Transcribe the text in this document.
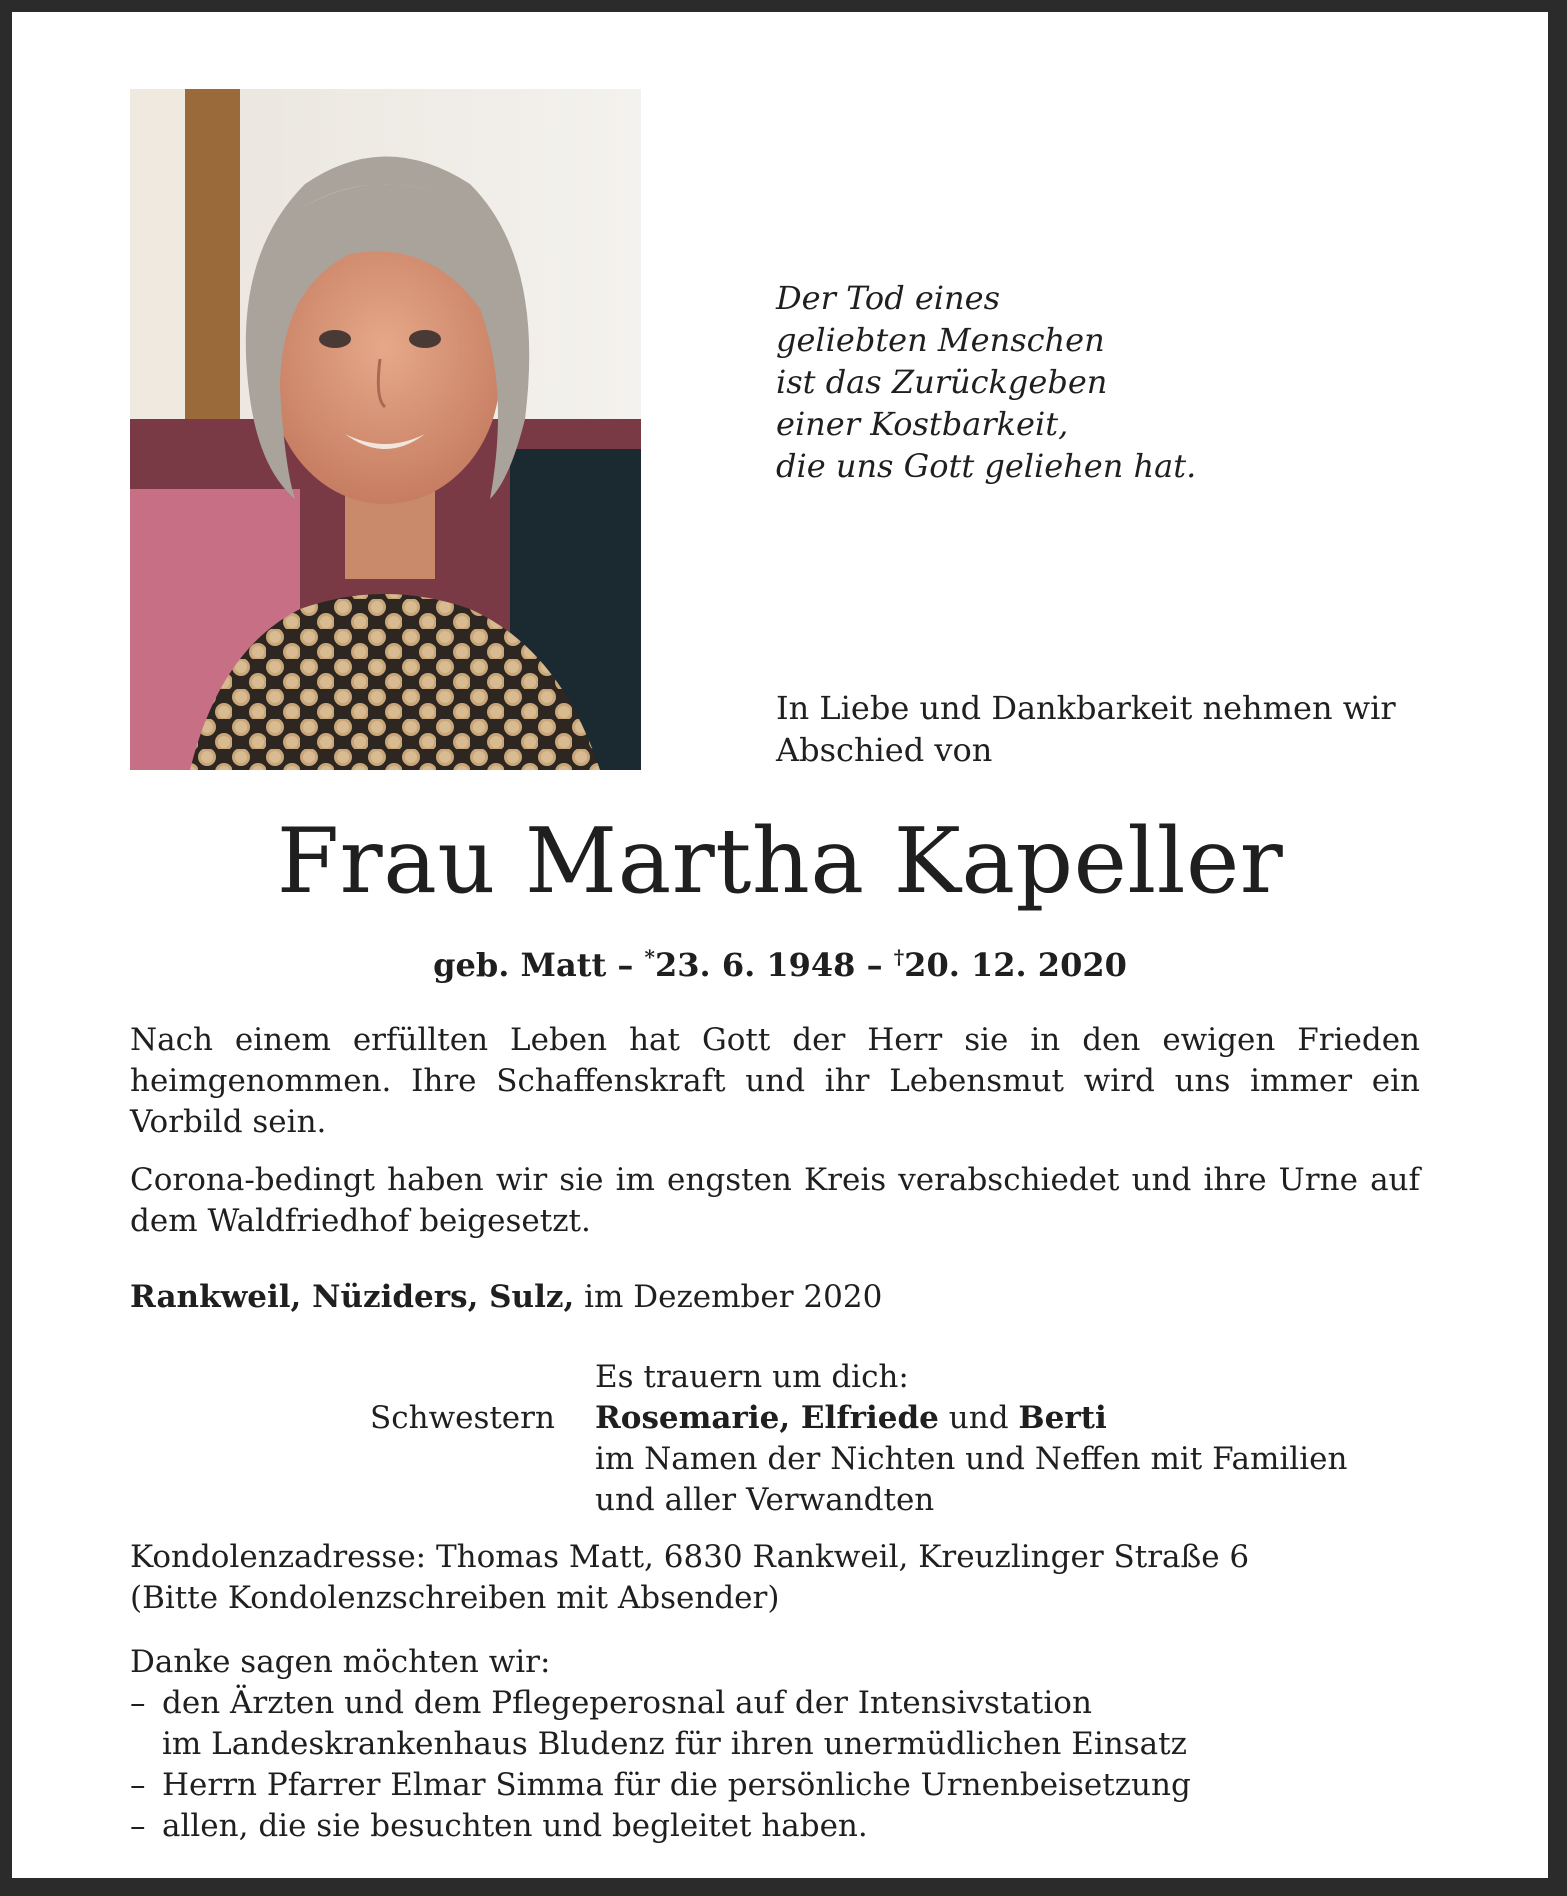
Der Tod eines
geliebten Menschen
ist das Zurückgeben
einer Kostbarkeit,
die uns Gott geliehen hat.
In Liebe und Dankbarkeit nehmen wir Abschied von
Frau Martha Kapeller
geb. Matt – *23. 6. 1948 – †20. 12. 2020
Nach einem erfüllten Leben hat Gott der Herr sie in den ewigen Frieden heimgenommen. Ihre Schaffenskraft und ihr Lebensmut wird uns immer ein Vorbild sein.
Corona-bedingt haben wir sie im engsten Kreis verabschiedet und ihre Urne auf dem Waldfriedhof beigesetzt.
Rankweil, Nüziders, Sulz, im Dezember 2020
Schwestern
Es trauern um dich:
Rosemarie, Elfriede und Berti
im Namen der Nichten und Neffen mit Familien
und aller Verwandten
Kondolenzadresse: Thomas Matt, 6830 Rankweil, Kreuzlinger Straße 6
(Bitte Kondolenzschreiben mit Absender)
Danke sagen möchten wir:
– den Ärzten und dem Pflegeperosnal auf der Intensivstation
im Landeskrankenhaus Bludenz für ihren unermüdlichen Einsatz
– Herrn Pfarrer Elmar Simma für die persönliche Urnenbeisetzung
– allen, die sie besuchten und begleitet haben.
